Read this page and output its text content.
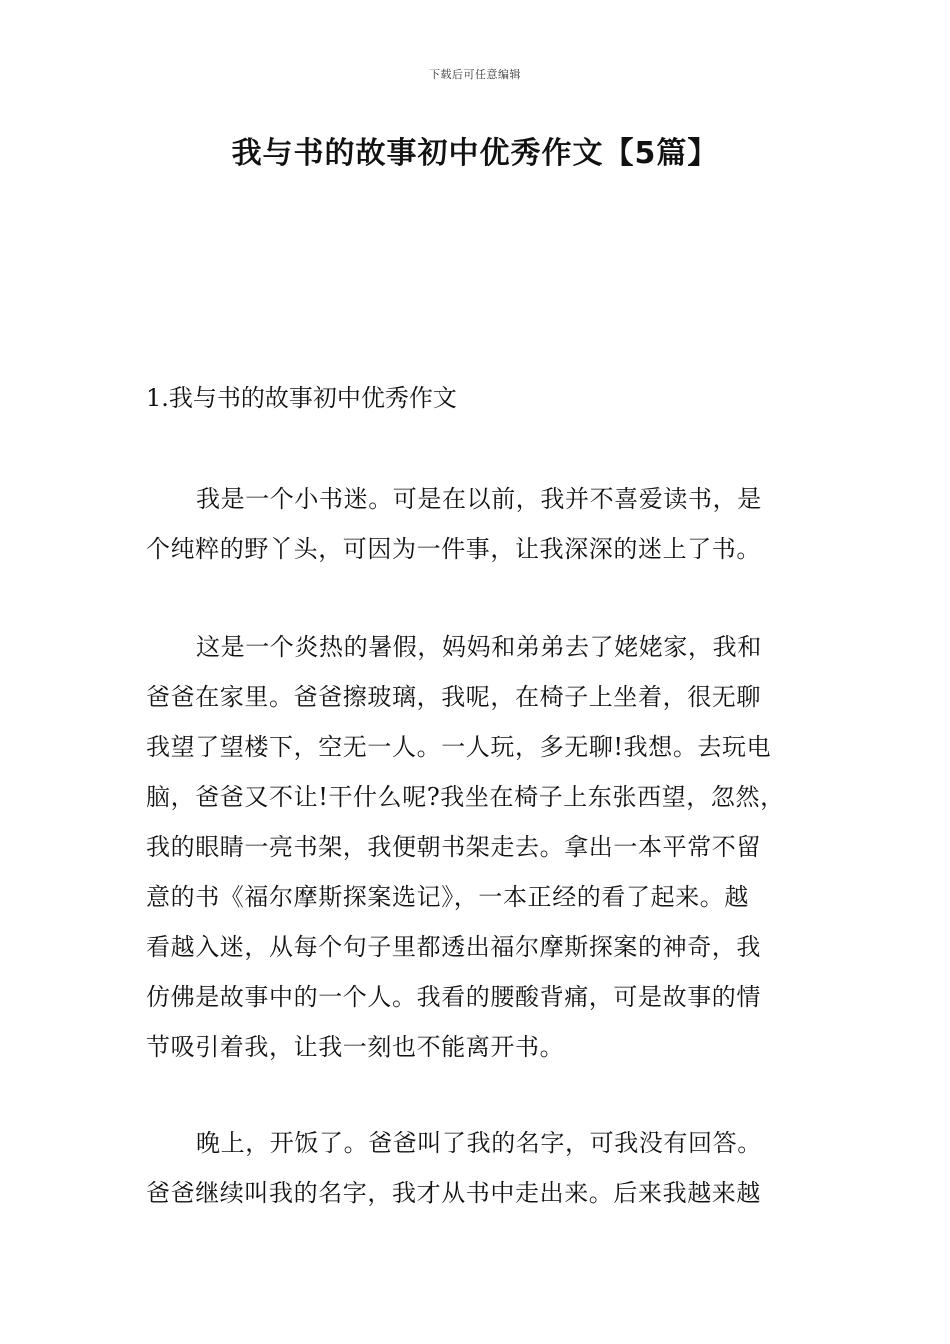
下载后可任意编辑
我与书的故事初中优秀作文【5篇】
1.我与书的故事初中优秀作文
我是一个小书迷。可是在以前，我并不喜爱读书，是
个纯粹的野丫头，可因为一件事，让我深深的迷上了书。
这是一个炎热的暑假，妈妈和弟弟去了姥姥家，我和
爸爸在家里。爸爸擦玻璃，我呢，在椅子上坐着，很无聊
我望了望楼下，空无一人。一人玩，多无聊!我想。去玩电
脑，爸爸又不让!干什么呢?我坐在椅子上东张西望，忽然，
我的眼睛一亮书架，我便朝书架走去。拿出一本平常不留
意的书《福尔摩斯探案选记》，一本正经的看了起来。越
看越入迷，从每个句子里都透出福尔摩斯探案的神奇，我
仿佛是故事中的一个人。我看的腰酸背痛，可是故事的情
节吸引着我，让我一刻也不能离开书。
晚上，开饭了。爸爸叫了我的名字，可我没有回答。
爸爸继续叫我的名字，我才从书中走出来。后来我越来越
